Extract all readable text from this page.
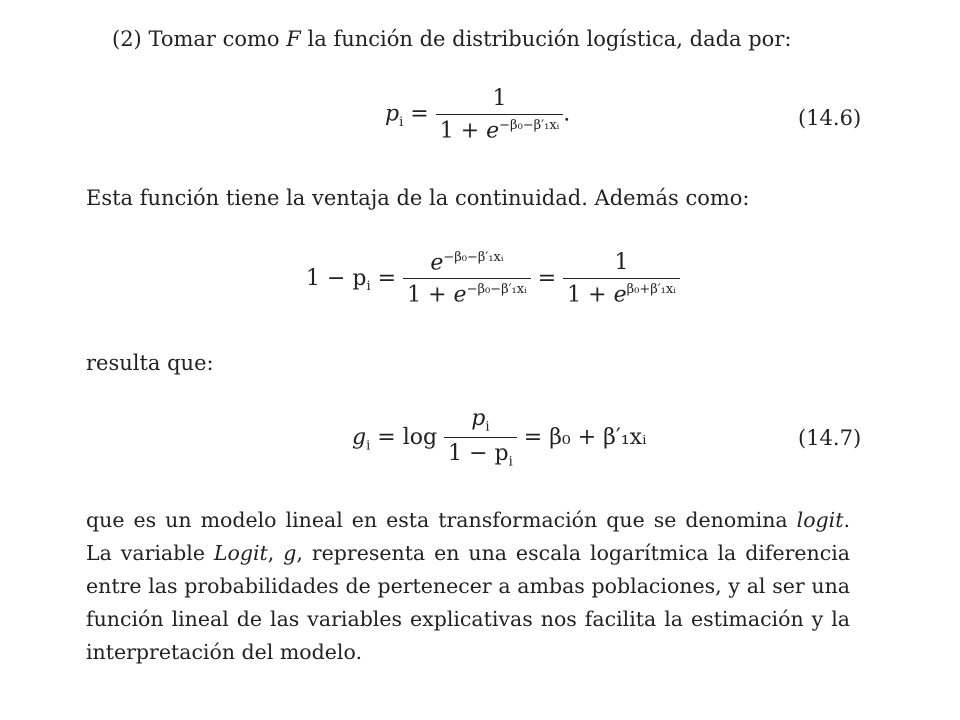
(2) Tomar como F la función de distribución logística, dada por:
$p_i = \frac{1}{1 + e^{-\beta_0-\beta'_1xᵢ}}$ .	(14.6)
Esta función tiene la ventaja de la continuidad. Además como:
$1 - p_i = \frac{e^{-\beta_0-\beta'_1xᵢ}}{1 + e^{-\beta_0-\beta'_1xᵢ}} = \frac{1}{1 + e^{\beta_0+\beta'_1xᵢ}}$
resulta que:
$g_i = \log \frac{p_i}{1 - p_i} = \beta_0$ + β′₁xᵢ	(14.7)
que es un modelo lineal en esta transformación que se denomina logit. La variable Logit, g, representa en una escala logarítmica la diferencia entre las probabilidades de pertenecer a ambas poblaciones, y al ser una función lineal de las variables explicativas nos facilita la estimación y la interpretación del modelo.
